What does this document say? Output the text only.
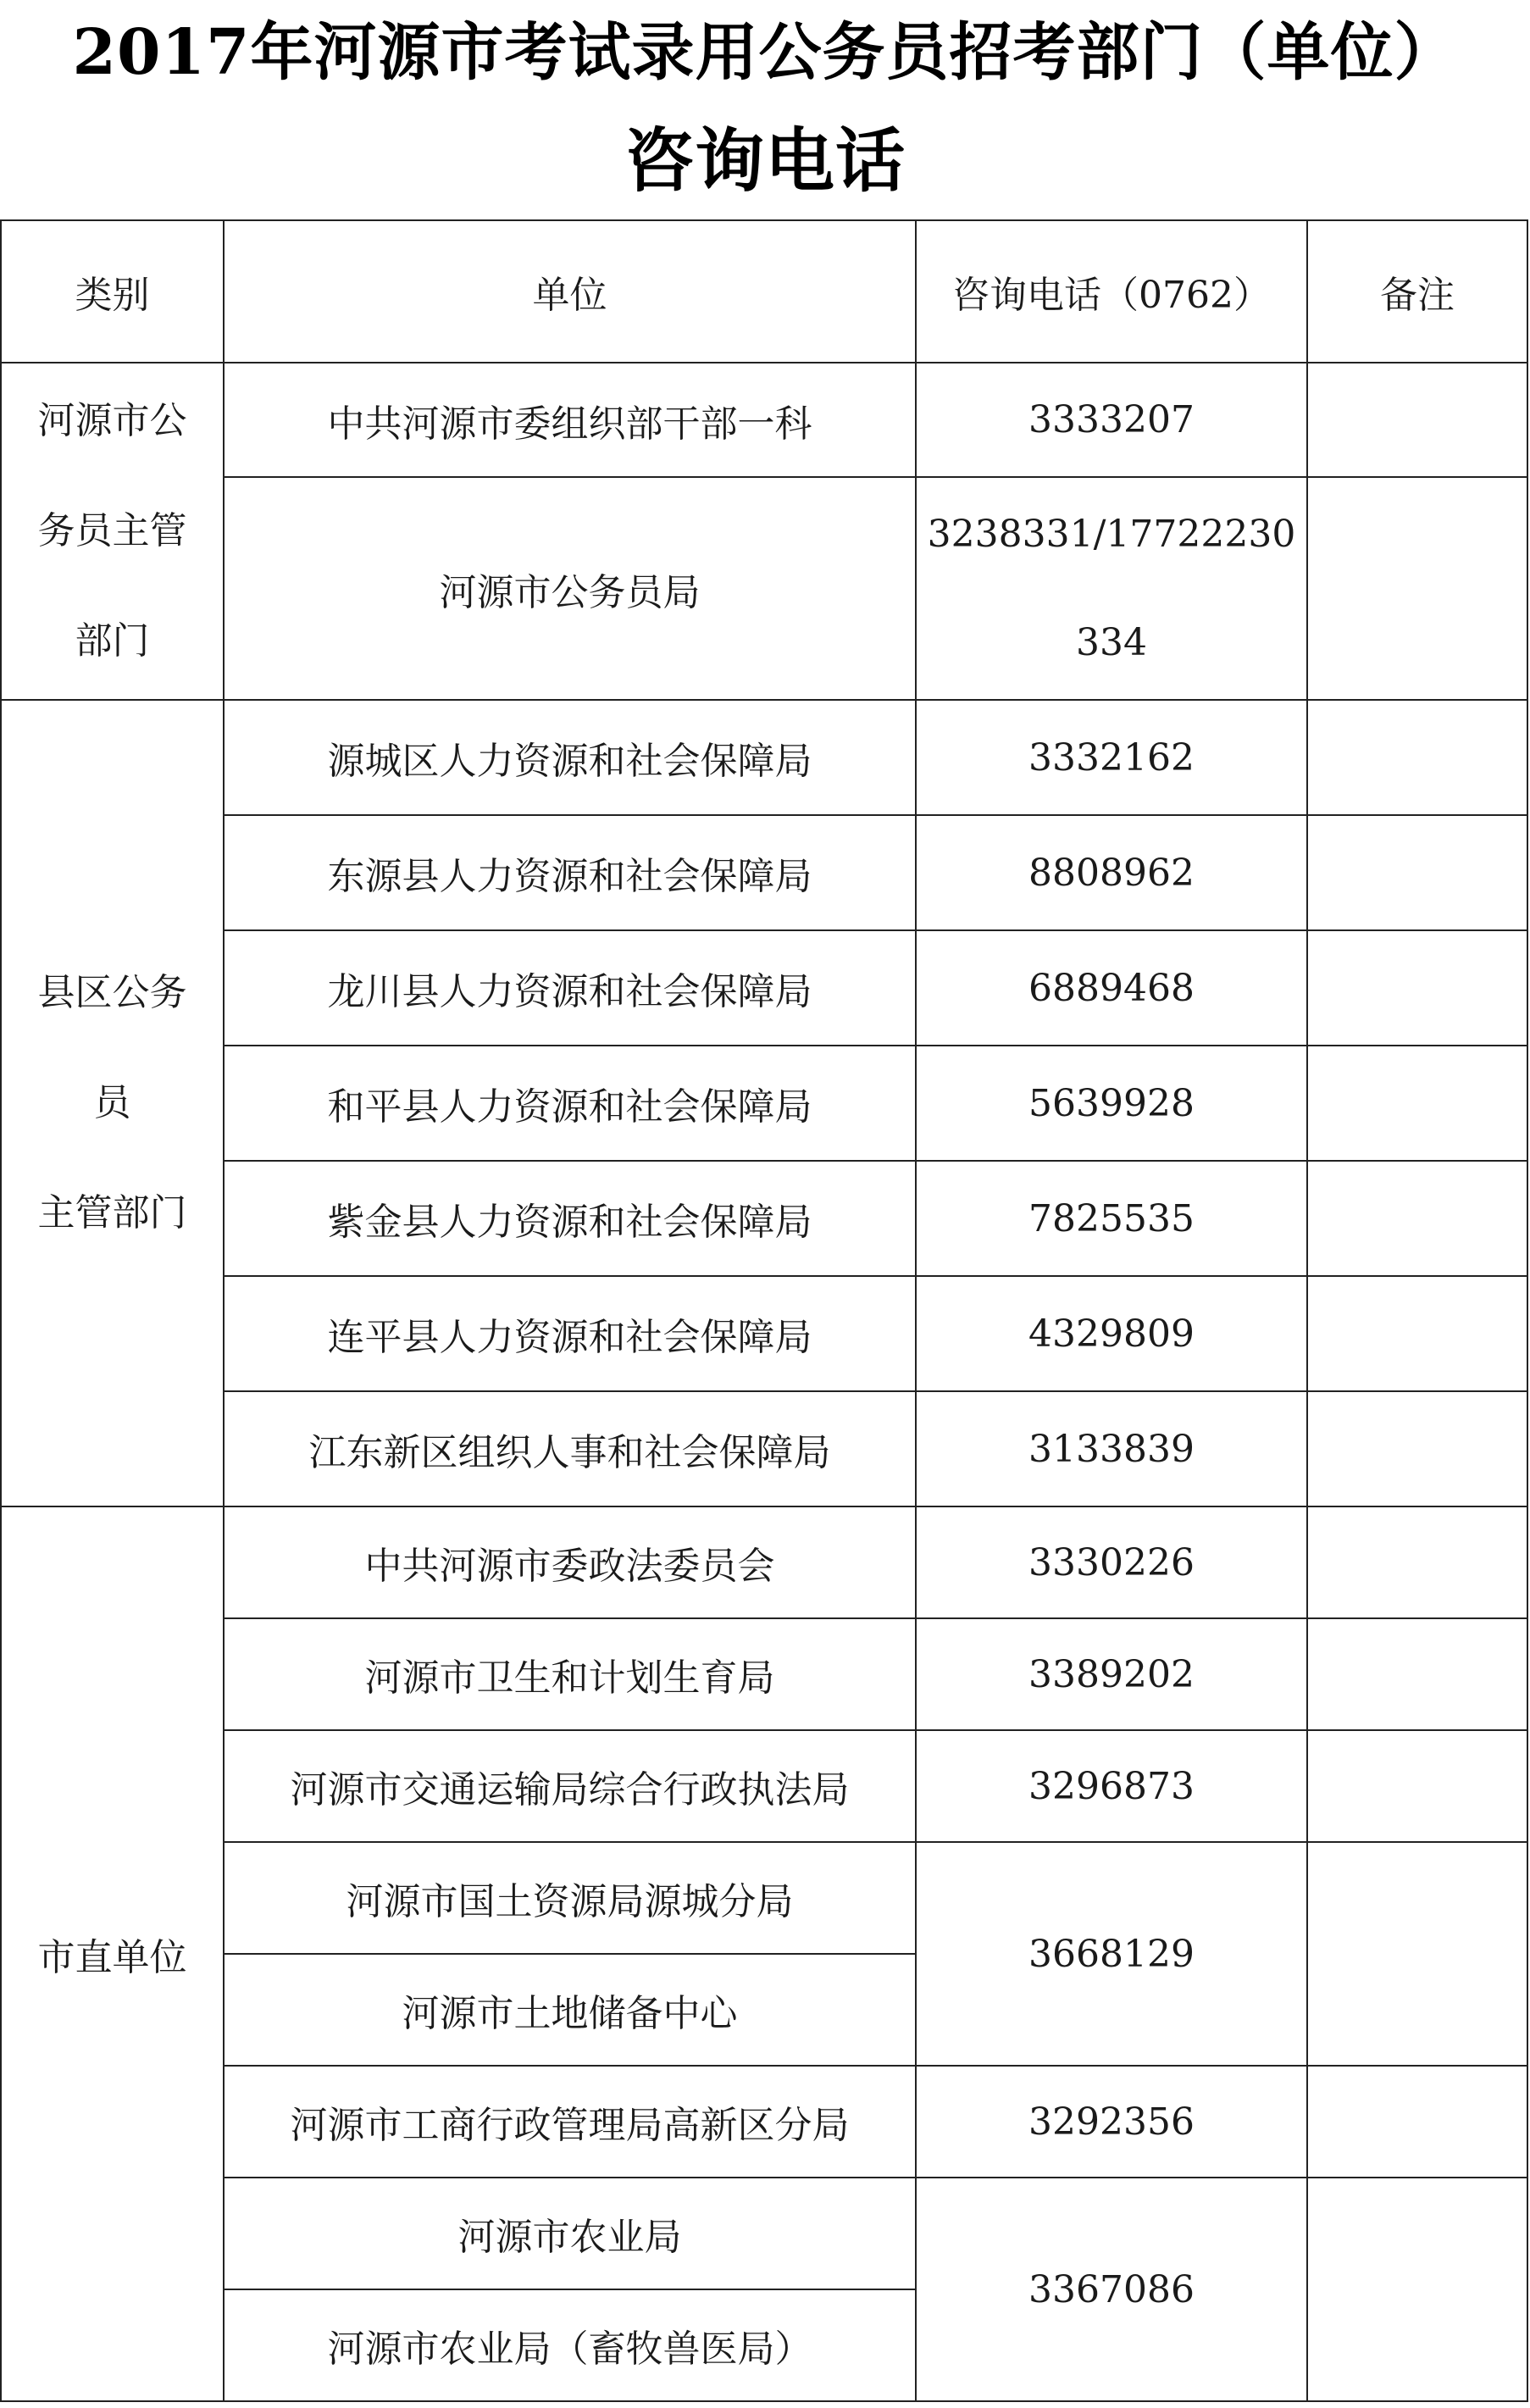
2017年河源市考试录用公务员招考部门（单位）
咨询电话
类别	单位	咨询电话（0762）	备注

河源市公
务员主管
部门	中共河源市委组织部干部一科	3333207	
	河源市公务员局	3238331/17722230
334	

县区公务
员
主管部门	源城区人力资源和社会保障局	3332162	
	东源县人力资源和社会保障局	8808962	
	龙川县人力资源和社会保障局	6889468	
	和平县人力资源和社会保障局	5639928	
	紫金县人力资源和社会保障局	7825535	
	连平县人力资源和社会保障局	4329809	
	江东新区组织人事和社会保障局	3133839	
市直单位	中共河源市委政法委员会	3330226	
	河源市卫生和计划生育局	3389202	
	河源市交通运输局综合行政执法局	3296873	
	河源市国土资源局源城分局	3668129	
	河源市土地储备中心		
	河源市工商行政管理局高新区分局	3292356	
	河源市农业局	3367086	
	河源市农业局（畜牧兽医局）		
